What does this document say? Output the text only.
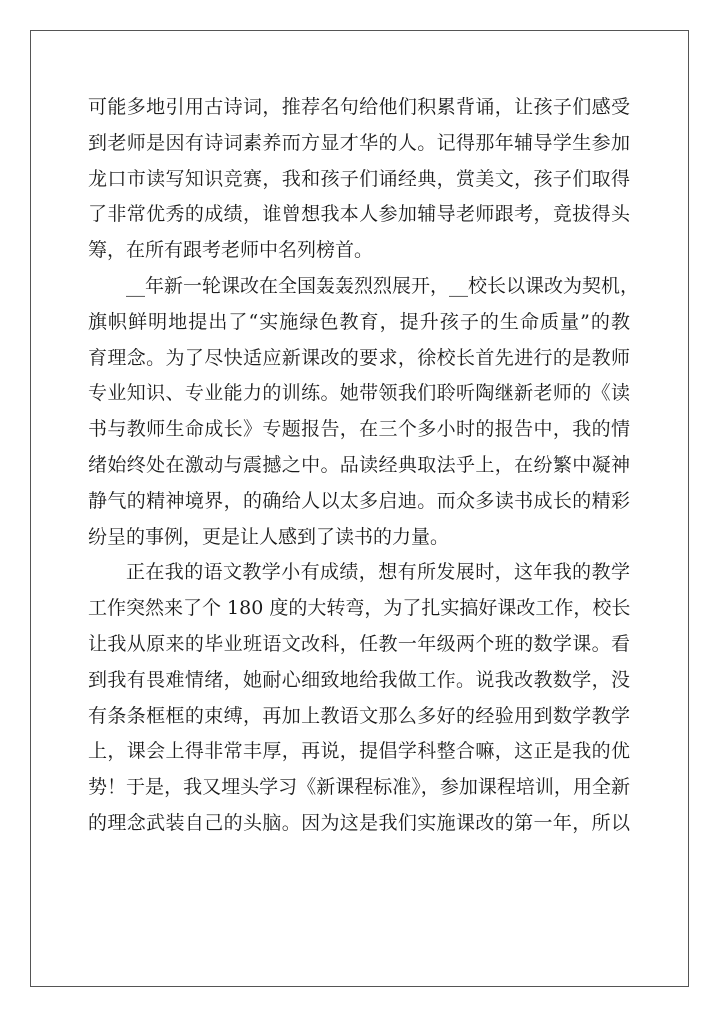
可能多地引用古诗词，推荐名句给他们积累背诵，让孩子们感受
到老师是因有诗词素养而方显才华的人。记得那年辅导学生参加
龙口市读写知识竞赛，我和孩子们诵经典，赏美文，孩子们取得
了非常优秀的成绩，谁曾想我本人参加辅导老师跟考，竟拔得头
筹，在所有跟考老师中名列榜首。
__年新一轮课改在全国轰轰烈烈展开，__校长以课改为契机，
旗帜鲜明地提出了“实施绿色教育，提升孩子的生命质量”的教
育理念。为了尽快适应新课改的要求，徐校长首先进行的是教师
专业知识、专业能力的训练。她带领我们聆听陶继新老师的《读
书与教师生命成长》专题报告，在三个多小时的报告中，我的情
绪始终处在激动与震撼之中。品读经典取法乎上，在纷繁中凝神
静气的精神境界，的确给人以太多启迪。而众多读书成长的精彩
纷呈的事例，更是让人感到了读书的力量。
正在我的语文教学小有成绩，想有所发展时，这年我的教学
工作突然来了个 180 度的大转弯，为了扎实搞好课改工作，校长
让我从原来的毕业班语文改科，任教一年级两个班的数学课。看
到我有畏难情绪，她耐心细致地给我做工作。说我改教数学，没
有条条框框的束缚，再加上教语文那么多好的经验用到数学教学
上，课会上得非常丰厚，再说，提倡学科整合嘛，这正是我的优
势！于是，我又埋头学习《新课程标准》，参加课程培训，用全新
的理念武装自己的头脑。因为这是我们实施课改的第一年，所以
